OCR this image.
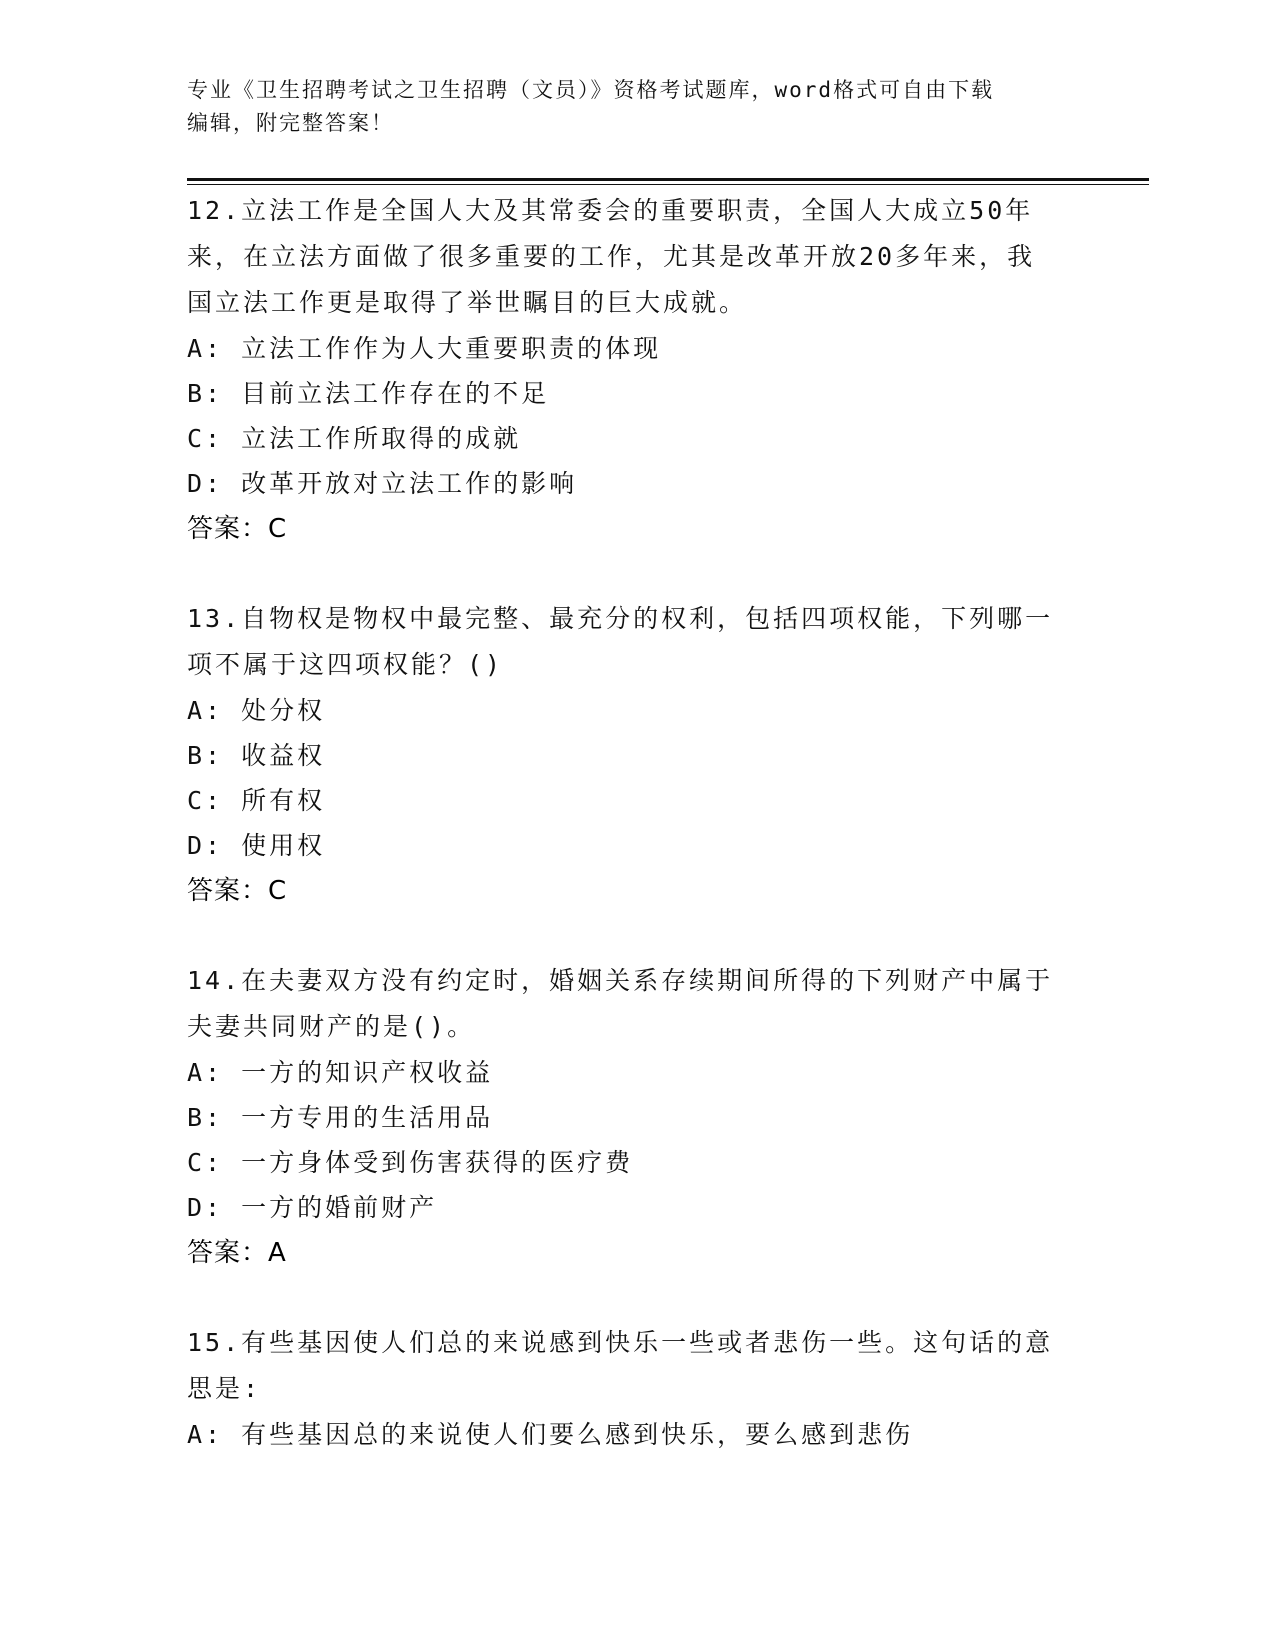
专业《卫生招聘考试之卫生招聘（文员）》资格考试题库，word格式可自由下载
编辑，附完整答案！
12.立法工作是全国人大及其常委会的重要职责，全国人大成立50年
来，在立法方面做了很多重要的工作，尤其是改革开放20多年来，我
国立法工作更是取得了举世瞩目的巨大成就。
A: 立法工作作为人大重要职责的体现
B: 目前立法工作存在的不足
C: 立法工作所取得的成就
D: 改革开放对立法工作的影响
答案：C
13.自物权是物权中最完整、最充分的权利，包括四项权能，下列哪一
项不属于这四项权能？()
A: 处分权
B: 收益权
C: 所有权
D: 使用权
答案：C
14.在夫妻双方没有约定时，婚姻关系存续期间所得的下列财产中属于
夫妻共同财产的是()。
A: 一方的知识产权收益
B: 一方专用的生活用品
C: 一方身体受到伤害获得的医疗费
D: 一方的婚前财产
答案：A
15.有些基因使人们总的来说感到快乐一些或者悲伤一些。这句话的意
思是:
A: 有些基因总的来说使人们要么感到快乐，要么感到悲伤
